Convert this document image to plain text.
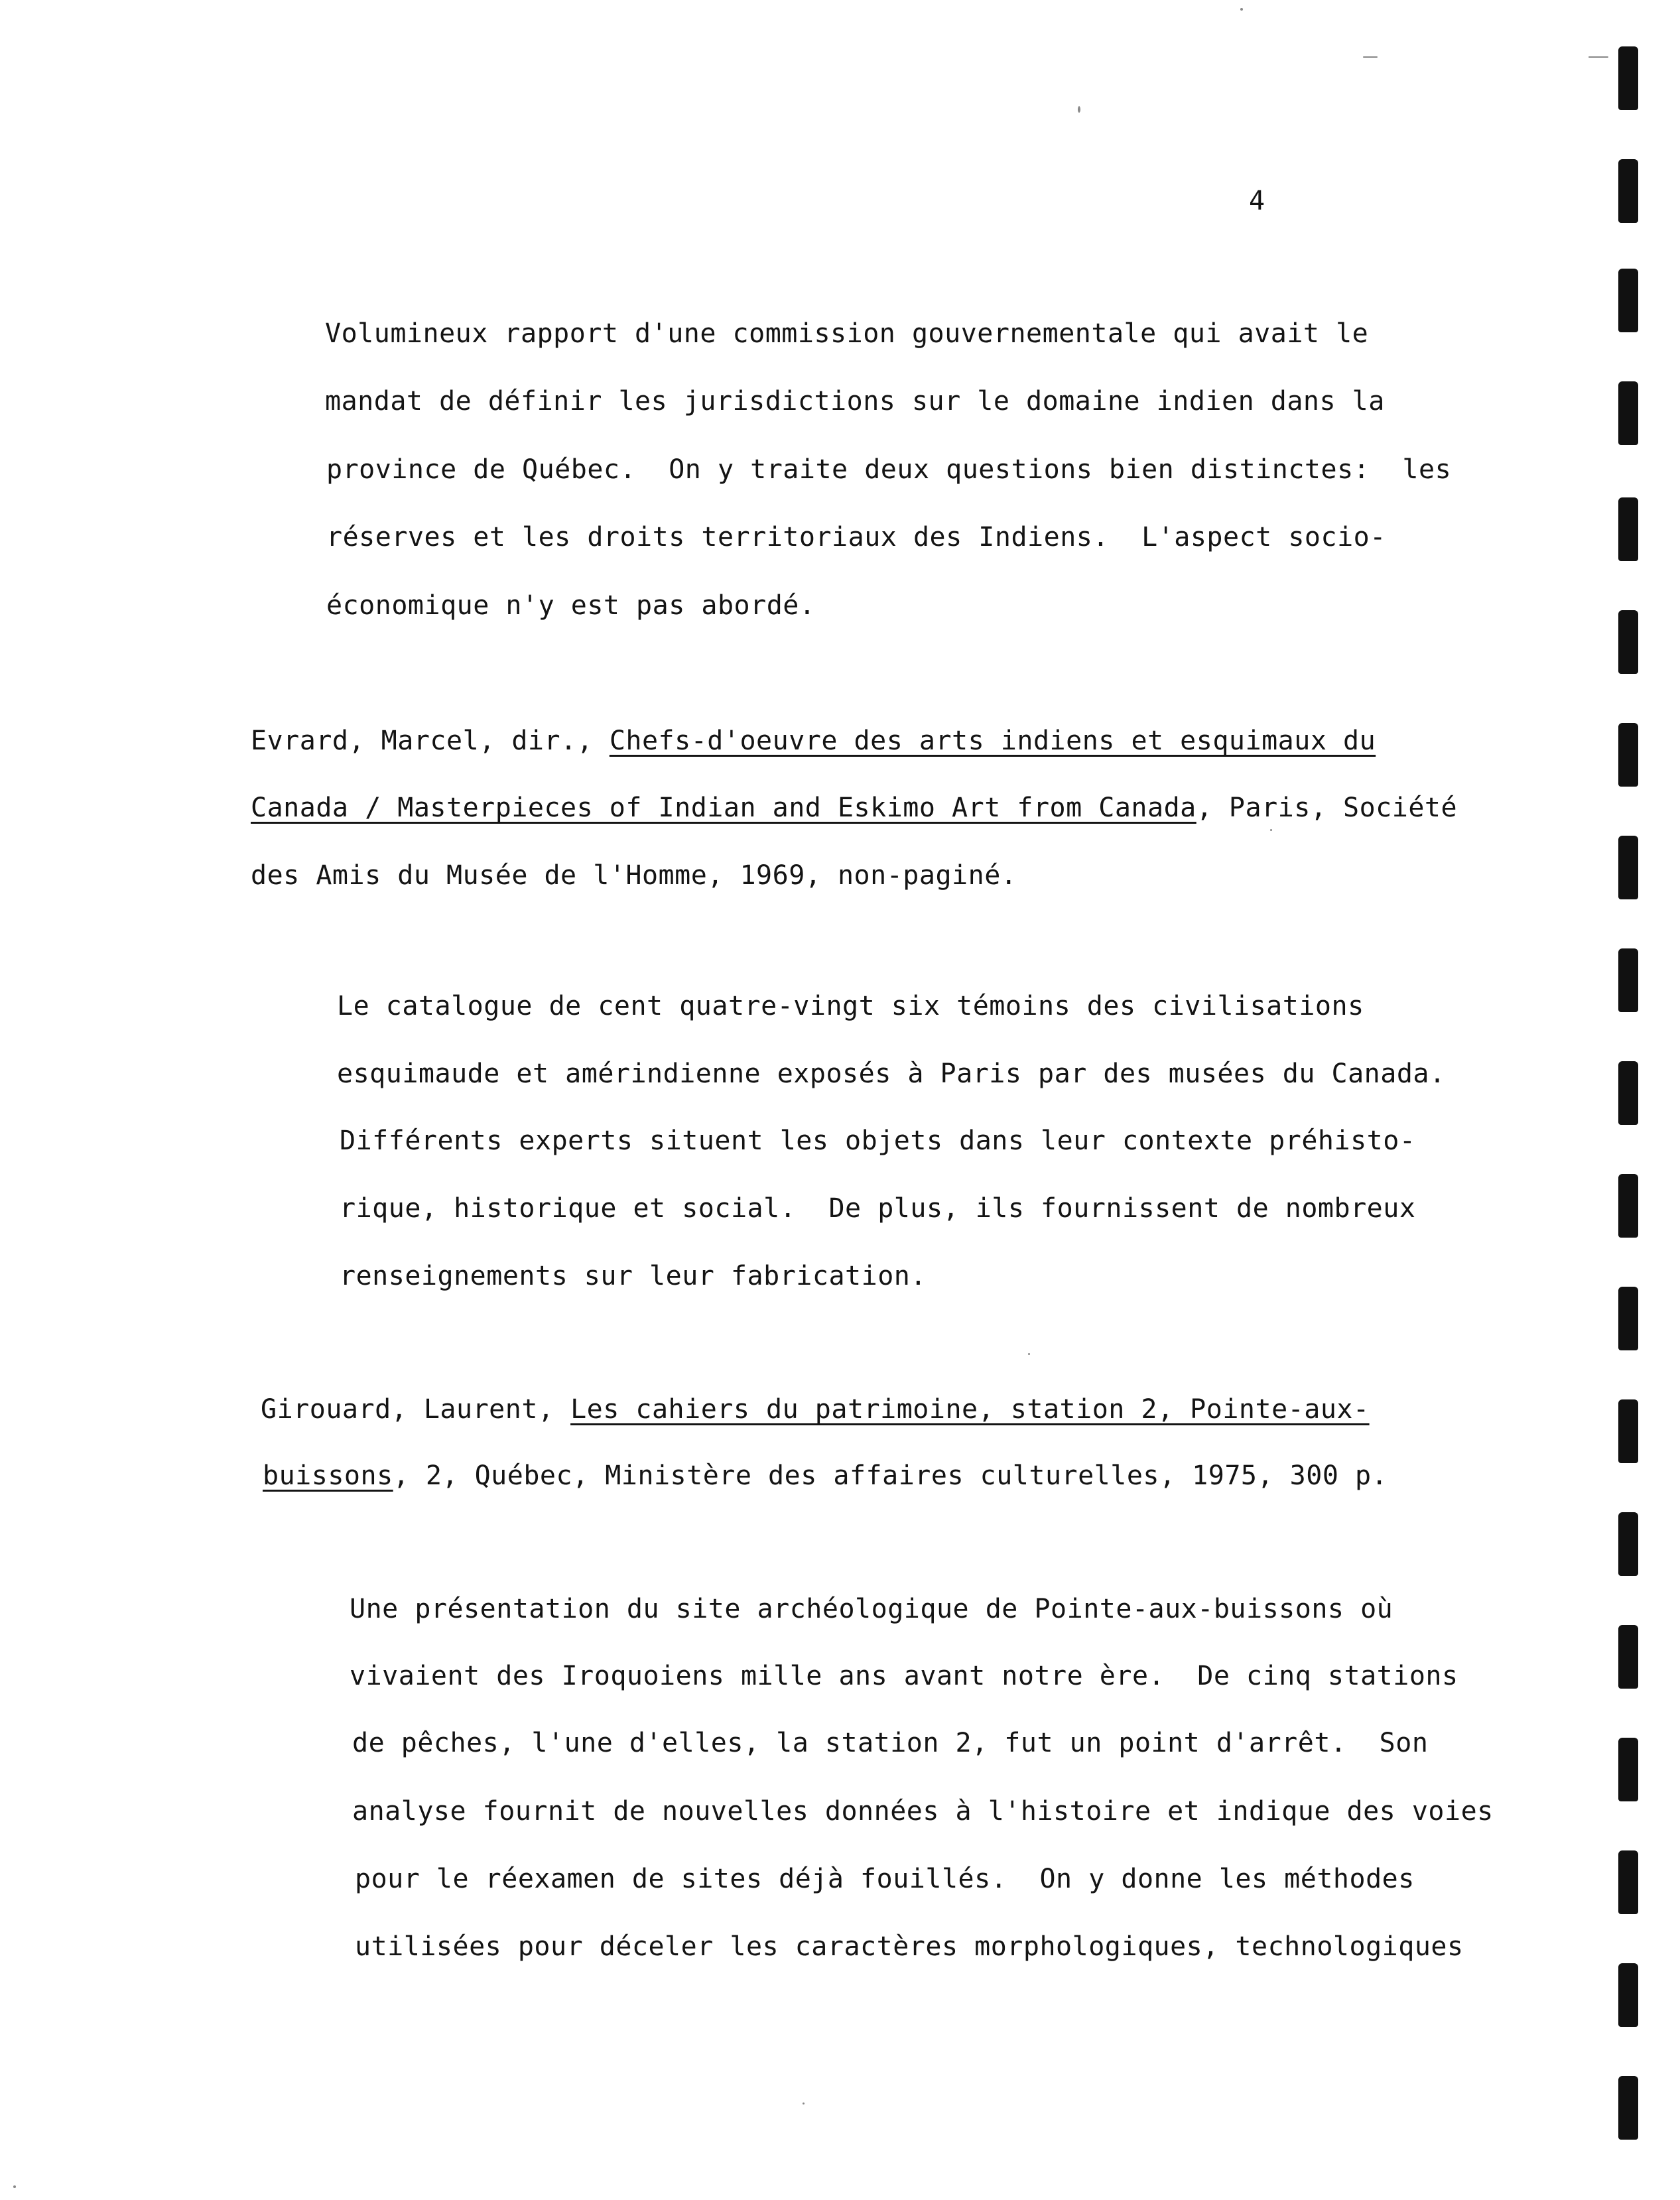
4
Volumineux rapport d'une commission gouvernementale qui avait le
mandat de définir les jurisdictions sur le domaine indien dans la
province de Québec.  On y traite deux questions bien distinctes:  les
réserves et les droits territoriaux des Indiens.  L'aspect socio-
économique n'y est pas abordé.
Evrard, Marcel, dir., Chefs-d'oeuvre des arts indiens et esquimaux du
Canada / Masterpieces of Indian and Eskimo Art from Canada, Paris, Société
des Amis du Musée de l'Homme, 1969, non-paginé.
Le catalogue de cent quatre-vingt six témoins des civilisations
esquimaude et amérindienne exposés à Paris par des musées du Canada.
Différents experts situent les objets dans leur contexte préhisto-
rique, historique et social.  De plus, ils fournissent de nombreux
renseignements sur leur fabrication.
Girouard, Laurent, Les cahiers du patrimoine, station 2, Pointe-aux-
buissons, 2, Québec, Ministère des affaires culturelles, 1975, 300 p.
Une présentation du site archéologique de Pointe-aux-buissons où
vivaient des Iroquoiens mille ans avant notre ère.  De cinq stations
de pêches, l'une d'elles, la station 2, fut un point d'arrêt.  Son
analyse fournit de nouvelles données à l'histoire et indique des voies
pour le réexamen de sites déjà fouillés.  On y donne les méthodes
utilisées pour déceler les caractères morphologiques, technologiques
